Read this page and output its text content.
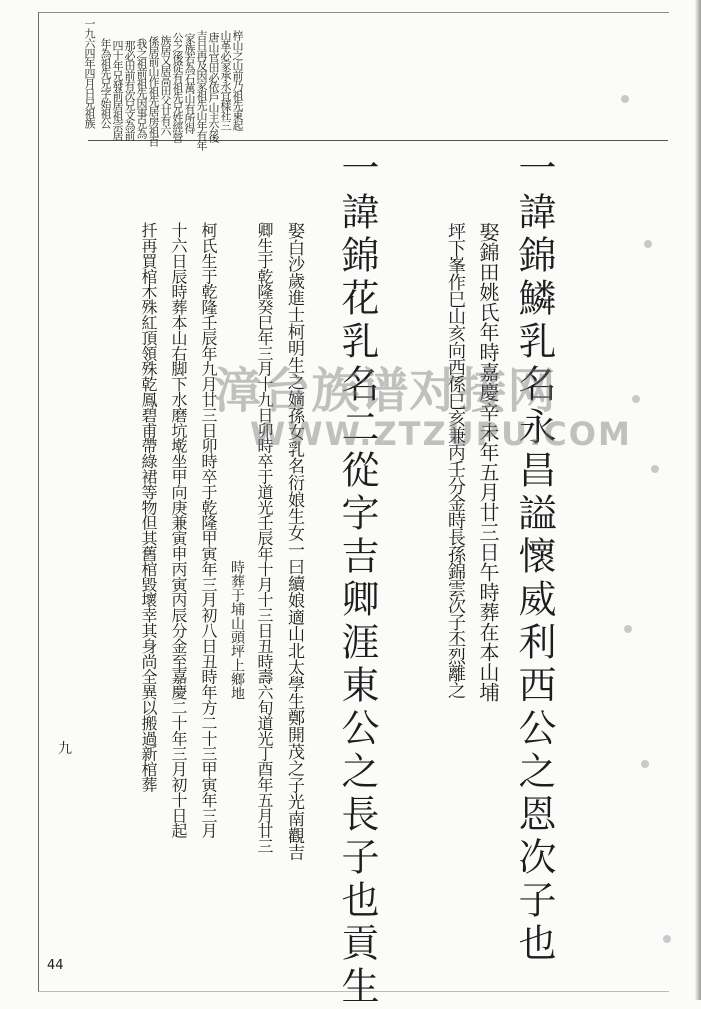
梓山之山前乃祖先東起
山革必家承永宜樣社三
唐山官田必依戶山主公後
吉日再及因家祖先山年有年
家族若為石萬山有所得
公之後從有祖先兄姓經營
族居又居高田父廿有六
係居前山作祖先居房祖百
我之祖前祖先因事兄為
那必田前有次兄文為前
四十年兄發前居祖宗居
年為祖先兄字始祖公
一九六四年四月日兄祖族
一
諱錦鱗乳名永昌謚懷威利西公之恩次子也
娶錦田姚氏年時嘉慶辛未年五月廿三日午時葬在本山埔
坪下峯作巳山亥向西係巳亥兼丙壬分金時長孫錦雲次子丕烈離之
一
諱錦花乳名二從字吉卿涯東公之長子也貢生
娶白沙歲進士柯明生之嫡孫女乳名衍娘生女一曰續娘適山北太學生鄭開茂之子光南觀吉
卿生于乾隆癸巳年三月十九日卯時卒于道光壬辰年十月十三日丑時壽六旬道光丁酉年五月廿三
時葬于埔山頭坪上鄉地
柯氏生于乾隆壬辰年九月廿三日卯時卒于乾隆甲寅年三月初八日丑時年方二十三甲寅年三月
十六日辰時葬本山右脚下水磨坑墘坐甲向庚兼寅申丙寅丙辰分金至嘉慶二十年三月初十日起
扦再買棺木殊紅頂領殊乾鳳碧甫帶綠裙等物但其舊棺毀壞幸其身尚全異以搬過新棺葬	漳台族谱对接网
WWW.ZTZUPU.COM
九
44
